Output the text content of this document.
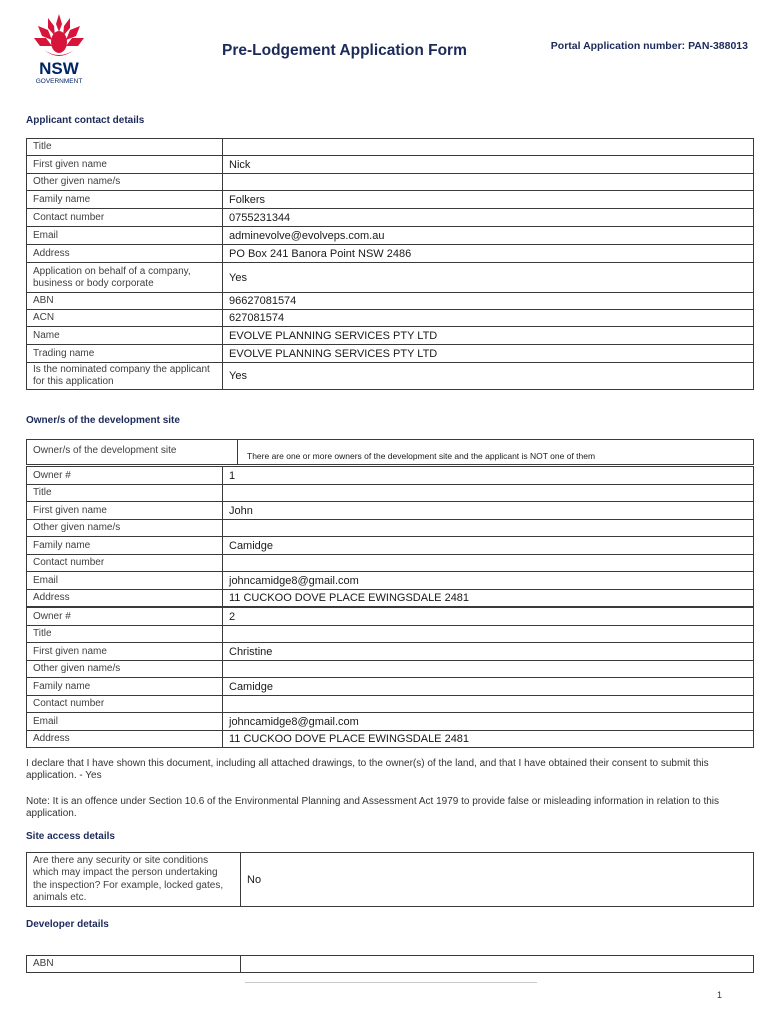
NSW
GOVERNMENT
Pre-Lodgement Application Form	Portal Application number: PAN-388013
Applicant contact details
Title	
First given name	Nick
Other given name/s	
Family name	Folkers
Contact number	0755231344
Email	adminevolve@evolveps.com.au
Address	PO Box 241 Banora Point NSW 2486
Application on behalf of a company, business or body corporate	Yes
ABN	96627081574
ACN	627081574
Name	EVOLVE PLANNING SERVICES PTY LTD
Trading name	EVOLVE PLANNING SERVICES PTY LTD
Is the nominated company the applicant for this application	Yes
Owner/s of the development site
Owner/s of the development site	There are one or more owners of the development site and the applicant is NOT one of them
Owner #	1
Title	
First given name	John
Other given name/s	
Family name	Camidge
Contact number	
Email	johncamidge8@gmail.com
Address	11 CUCKOO DOVE PLACE EWINGSDALE 2481
Owner #	2
Title	
First given name	Christine
Other given name/s	
Family name	Camidge
Contact number	
Email	johncamidge8@gmail.com
Address	11 CUCKOO DOVE PLACE EWINGSDALE 2481
I declare that I have shown this document, including all attached drawings, to the owner(s) of the land, and that I have obtained their consent to submit this application. - Yes
Note: It is an offence under Section 10.6 of the Environmental Planning and Assessment Act 1979 to provide false or misleading information in relation to this application.
Site access details
Are there any security or site conditions which may impact the person undertaking the inspection? For example, locked gates, animals etc.	No
Developer details
ABN	
1
